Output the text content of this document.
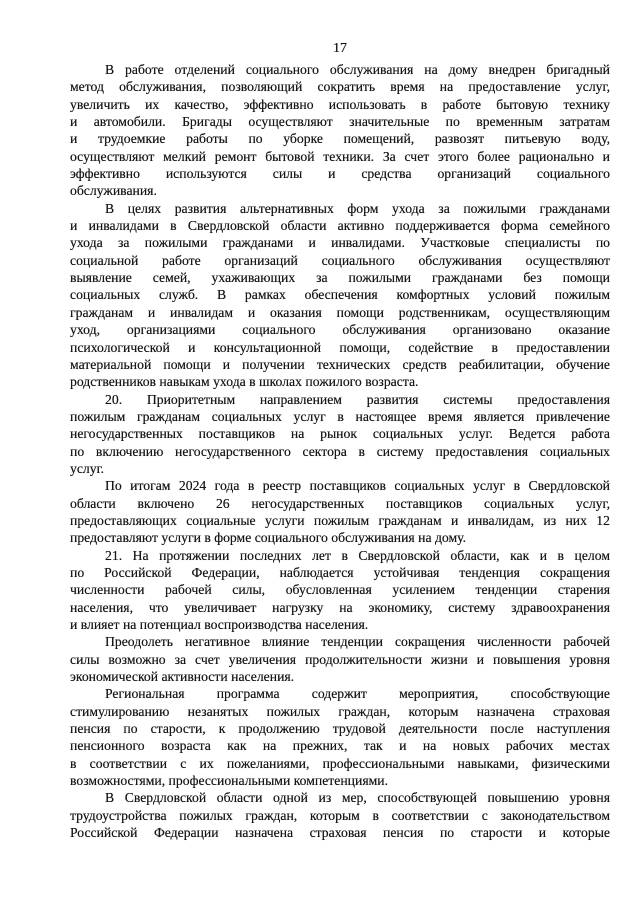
17
В работе отделений социального обслуживания на дому внедрен бригадный
метод обслуживания, позволяющий сократить время на предоставление услуг,
увеличить их качество, эффективно использовать в работе бытовую технику
и автомобили. Бригады осуществляют значительные по временным затратам
и трудоемкие работы по уборке помещений, развозят питьевую воду,
осуществляют мелкий ремонт бытовой техники. За счет этого более рационально и
эффективно используются силы и средства организаций социального
обслуживания.
В целях развития альтернативных форм ухода за пожилыми гражданами
и инвалидами в Свердловской области активно поддерживается форма семейного
ухода за пожилыми гражданами и инвалидами. Участковые специалисты по
социальной работе организаций социального обслуживания осуществляют
выявление семей, ухаживающих за пожилыми гражданами без помощи
социальных служб. В рамках обеспечения комфортных условий пожилым
гражданам и инвалидам и оказания помощи родственникам, осуществляющим
уход, организациями социального обслуживания организовано оказание
психологической и консультационной помощи, содействие в предоставлении
материальной помощи и получении технических средств реабилитации, обучение
родственников навыкам ухода в школах пожилого возраста.
20. Приоритетным направлением развития системы предоставления
пожилым гражданам социальных услуг в настоящее время является привлечение
негосударственных поставщиков на рынок социальных услуг. Ведется работа
по включению негосударственного сектора в систему предоставления социальных
услуг.
По итогам 2024 года в реестр поставщиков социальных услуг в Свердловской
области включено 26 негосударственных поставщиков социальных услуг,
предоставляющих социальные услуги пожилым гражданам и инвалидам, из них 12
предоставляют услуги в форме социального обслуживания на дому.
21. На протяжении последних лет в Свердловской области, как и в целом
по Российской Федерации, наблюдается устойчивая тенденция сокращения
численности рабочей силы, обусловленная усилением тенденции старения
населения, что увеличивает нагрузку на экономику, систему здравоохранения
и влияет на потенциал воспроизводства населения.
Преодолеть негативное влияние тенденции сокращения численности рабочей
силы возможно за счет увеличения продолжительности жизни и повышения уровня
экономической активности населения.
Региональная программа содержит мероприятия, способствующие
стимулированию незанятых пожилых граждан, которым назначена страховая
пенсия по старости, к продолжению трудовой деятельности после наступления
пенсионного возраста как на прежних, так и на новых рабочих местах
в соответствии с их пожеланиями, профессиональными навыками, физическими
возможностями, профессиональными компетенциями.
В Свердловской области одной из мер, способствующей повышению уровня
трудоустройства пожилых граждан, которым в соответствии с законодательством
Российской Федерации назначена страховая пенсия по старости и которые
